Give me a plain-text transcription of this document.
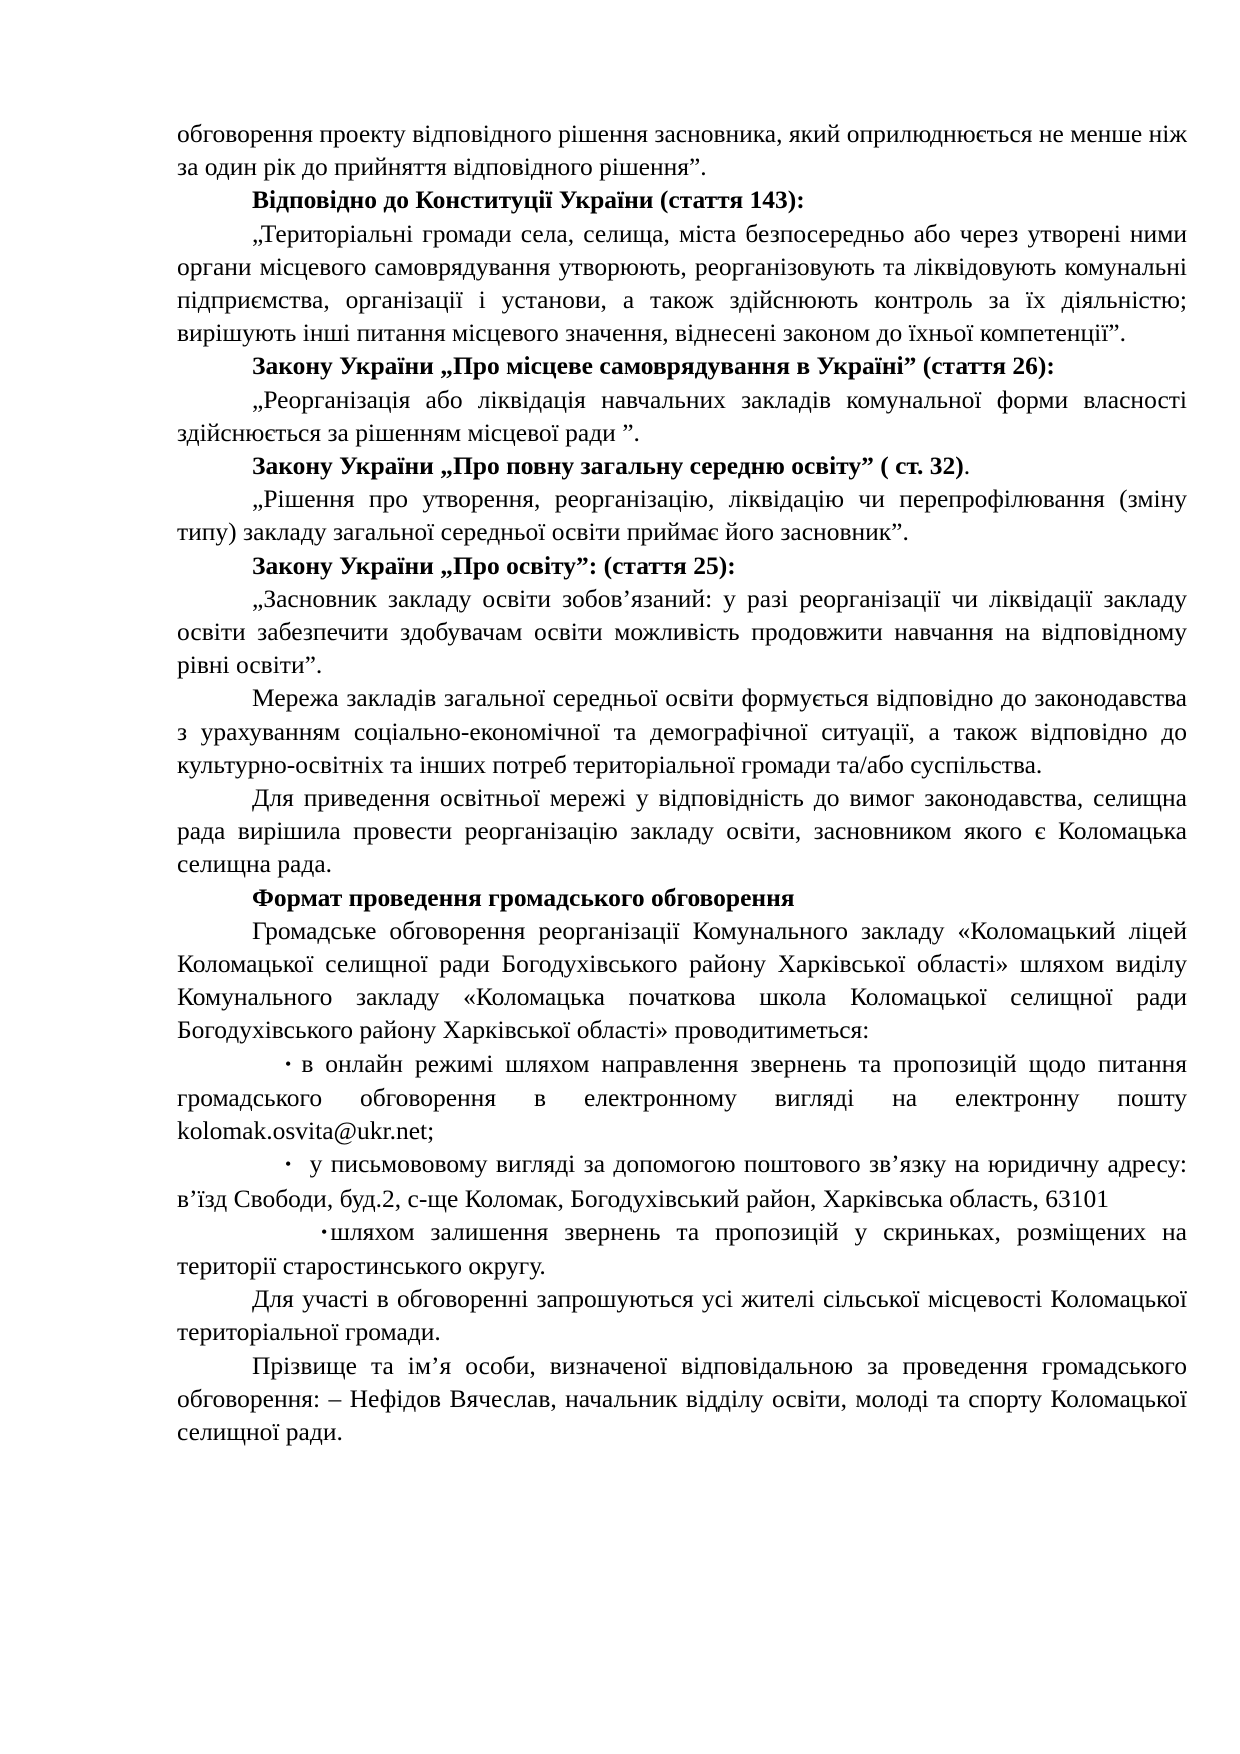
обговорення проекту відповідного рішення засновника, який оприлюднюється не менше ніж за один рік до прийняття відповідного рішення”.

Відповідно до Конституції України (стаття 143):

„Територіальні громади села, селища, міста безпосередньо або через утворені ними органи місцевого самоврядування утворюють, реорганізовують та ліквідовують комунальні підприємства, організації і установи, а також здійснюють контроль за їх діяльністю; вирішують інші питання місцевого значення, віднесені законом до їхньої компетенції”.

Закону України „Про місцеве самоврядування в Україні” (стаття 26):

„Реорганізація або ліквідація навчальних закладів комунальної форми власності здійснюється за рішенням місцевої ради ”.

Закону України „Про повну загальну середню освіту” ( ст. 32).

„Рішення про утворення, реорганізацію, ліквідацію чи перепрофілювання (зміну типу) закладу загальної середньої освіти приймає його засновник”.

Закону України „Про освіту”: (стаття 25):

„Засновник закладу освіти зобов’язаний: у разі реорганізації чи ліквідації закладу освіти забезпечити здобувачам освіти можливість продовжити навчання на відповідному рівні освіти”.

Мережа закладів загальної середньої освіти формується відповідно до законодавства з урахуванням соціально-економічної та демографічної ситуації, а також відповідно до культурно-освітніх та інших потреб територіальної громади та/або суспільства.

Для приведення освітньої мережі у відповідність до вимог законодавства, селищна рада вирішила провести реорганізацію закладу освіти, засновником якого є Коломацька селищна рада.

Формат проведення громадського обговорення

Громадське обговорення реорганізації Комунального закладу «Коломацький ліцей Коломацької селищної ради Богодухівського району Харківської області» шляхом виділу Комунального закладу «Коломацька початкова школа Коломацької селищної ради Богодухівського району Харківської області» проводитиметься:

• в онлайн режимі шляхом направлення звернень та пропозицій щодо питання громадського обговорення в електронному вигляді на електронну пошту kolomak.osvita@ukr.net;

• у письмововому вигляді за допомогою поштового зв’язку на юридичну адресу: в’їзд Свободи, буд.2, с-ще Коломак, Богодухівський район, Харківська область, 63101

• шляхом залишення звернень та пропозицій у скриньках, розміщених на території старостинського округу.

Для участі в обговоренні запрошуються усі жителі сільської місцевості Коломацької територіальної громади.

Прізвище та ім’я особи, визначеної відповідальною за проведення громадського обговорення: – Нефідов Вячеслав, начальник відділу освіти, молоді та спорту Коломацької селищної ради.
